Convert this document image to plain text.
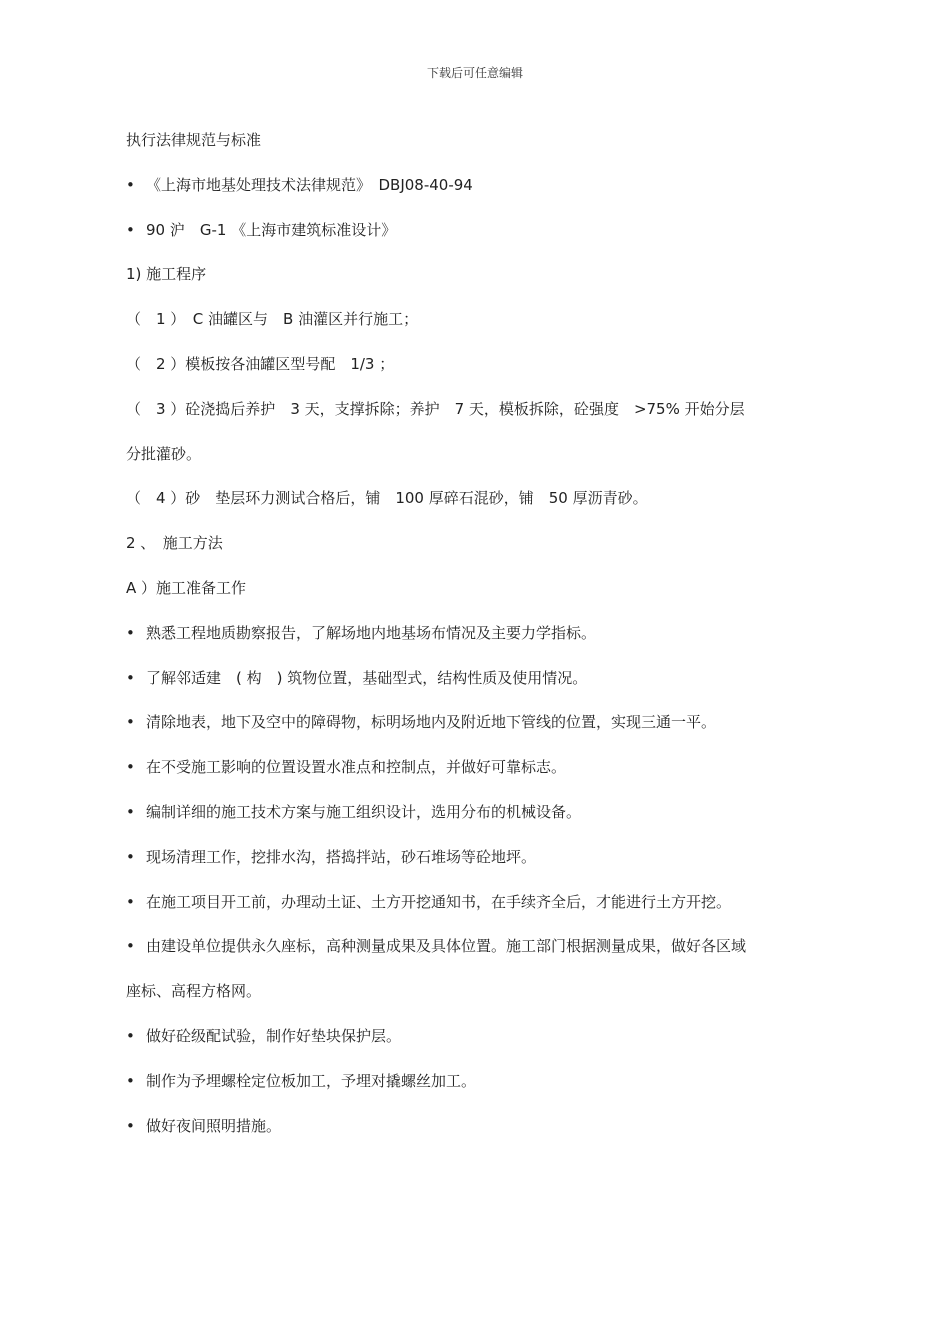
下载后可任意编辑
执行法律规范与标准
• 《上海市地基处理技术法律规范》　DBJ08-40-94
• 90 沪　G-1 《上海市建筑标准设计》
1) 施工程序
（　1 ）　C 油罐区与　B 油灌区并行施工；
（　2 ）模板按各油罐区型号配　1/3 ；
（　3 ）砼浇捣后养护　3 天，支撑拆除；养护　7 天，模板拆除，砼强度　>75% 开始分层
分批灌砂。
（　4 ）砂　垫层环力测试合格后，铺　100 厚碎石混砂，铺　50 厚沥青砂。
2 、　施工方法
A ）施工准备工作
• 熟悉工程地质勘察报告，了解场地内地基场布情况及主要力学指标。
• 了解邻适建　( 构　) 筑物位置，基础型式，结构性质及使用情况。
• 清除地表，地下及空中的障碍物，标明场地内及附近地下管线的位置，实现三通一平。
• 在不受施工影响的位置设置水准点和控制点，并做好可靠标志。
• 编制详细的施工技术方案与施工组织设计，选用分布的机械设备。
• 现场清理工作，挖排水沟，搭捣拌站，砂石堆场等砼地坪。
• 在施工项目开工前，办理动土证、土方开挖通知书，在手续齐全后，才能进行土方开挖。
• 由建设单位提供永久座标，高种测量成果及具体位置。施工部门根据测量成果，做好各区域
座标、高程方格网。
• 做好砼级配试验，制作好垫块保护层。
• 制作为予埋螺栓定位板加工，予埋对撬螺丝加工。
• 做好夜间照明措施。
